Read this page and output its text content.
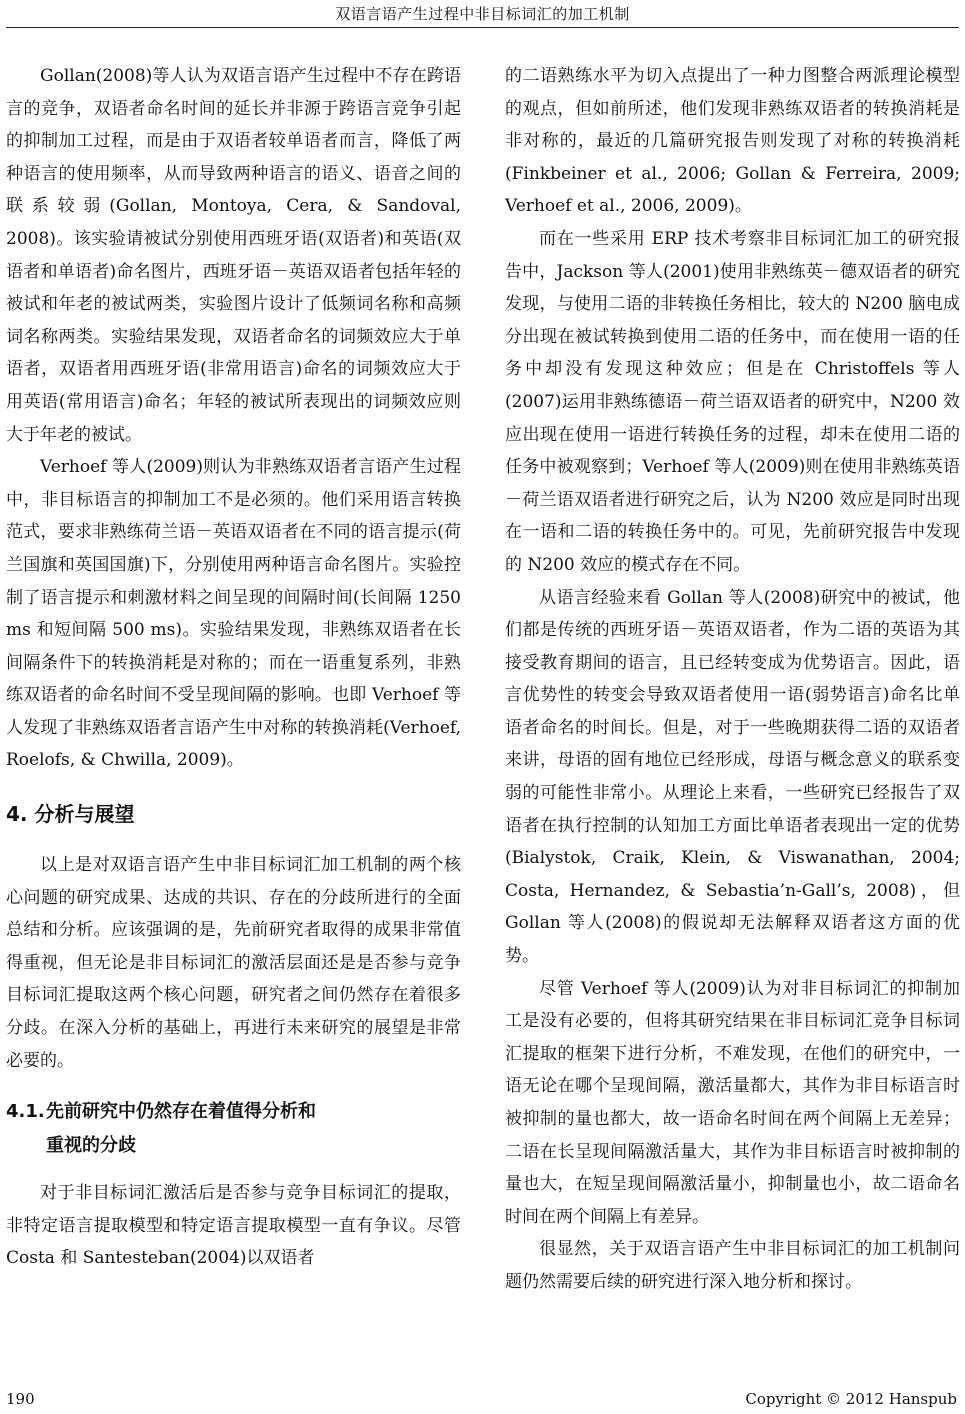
双语言语产生过程中非目标词汇的加工机制

Gollan(2008)等人认为双语言语产生过程中不存在跨语言的竞争，双语者命名时间的延长并非源于跨语言竞争引起的抑制加工过程，而是由于双语者较单语者而言，降低了两种语言的使用频率，从而导致两种语言的语义、语音之间的联系较弱(Gollan, Montoya, Cera, & Sandoval, 2008)。该实验请被试分别使用西班牙语(双语者)和英语(双语者和单语者)命名图片，西班牙语－英语双语者包括年轻的被试和年老的被试两类，实验图片设计了低频词名称和高频词名称两类。实验结果发现，双语者命名的词频效应大于单语者，双语者用西班牙语(非常用语言)命名的词频效应大于用英语(常用语言)命名；年轻的被试所表现出的词频效应则大于年老的被试。

Verhoef 等人(2009)则认为非熟练双语者言语产生过程中，非目标语言的抑制加工不是必须的。他们采用语言转换范式，要求非熟练荷兰语－英语双语者在不同的语言提示(荷兰国旗和英国国旗)下，分别使用两种语言命名图片。实验控制了语言提示和刺激材料之间呈现的间隔时间(长间隔 1250 ms 和短间隔 500 ms)。实验结果发现，非熟练双语者在长间隔条件下的转换消耗是对称的；而在一语重复系列，非熟练双语者的命名时间不受呈现间隔的影响。也即 Verhoef 等人发现了非熟练双语者言语产生中对称的转换消耗(Verhoef, Roelofs, & Chwilla, 2009)。

4. 分析与展望

以上是对双语言语产生中非目标词汇加工机制的两个核心问题的研究成果、达成的共识、存在的分歧所进行的全面总结和分析。应该强调的是，先前研究者取得的成果非常值得重视，但无论是非目标词汇的激活层面还是是否参与竞争目标词汇提取这两个核心问题，研究者之间仍然存在着很多分歧。在深入分析的基础上，再进行未来研究的展望是非常必要的。

4.1.先前研究中仍然存在着值得分析和
重视的分歧

对于非目标词汇激活后是否参与竞争目标词汇的提取，非特定语言提取模型和特定语言提取模型一直有争议。尽管 Costa 和 Santesteban(2004)以双语者

的二语熟练水平为切入点提出了一种力图整合两派理论模型的观点，但如前所述，他们发现非熟练双语者的转换消耗是非对称的，最近的几篇研究报告则发现了对称的转换消耗(Finkbeiner et al., 2006; Gollan & Ferreira, 2009; Verhoef et al., 2006, 2009)。

而在一些采用 ERP 技术考察非目标词汇加工的研究报告中，Jackson 等人(2001)使用非熟练英－德双语者的研究发现，与使用二语的非转换任务相比，较大的 N200 脑电成分出现在被试转换到使用二语的任务中，而在使用一语的任务中却没有发现这种效应；但是在 Christoffels 等人(2007)运用非熟练德语－荷兰语双语者的研究中，N200 效应出现在使用一语进行转换任务的过程，却未在使用二语的任务中被观察到；Verhoef 等人(2009)则在使用非熟练英语－荷兰语双语者进行研究之后，认为 N200 效应是同时出现在一语和二语的转换任务中的。可见，先前研究报告中发现的 N200 效应的模式存在不同。

从语言经验来看 Gollan 等人(2008)研究中的被试，他们都是传统的西班牙语－英语双语者，作为二语的英语为其接受教育期间的语言，且已经转变成为优势语言。因此，语言优势性的转变会导致双语者使用一语(弱势语言)命名比单语者命名的时间长。但是，对于一些晚期获得二语的双语者来讲，母语的固有地位已经形成，母语与概念意义的联系变弱的可能性非常小。从理论上来看，一些研究已经报告了双语者在执行控制的认知加工方面比单语者表现出一定的优势(Bialystok, Craik, Klein, & Viswanathan, 2004; Costa, Hernandez, & Sebastia’n-Gall’s, 2008)，但 Gollan 等人(2008)的假说却无法解释双语者这方面的优势。

尽管 Verhoef 等人(2009)认为对非目标词汇的抑制加工是没有必要的，但将其研究结果在非目标词汇竞争目标词汇提取的框架下进行分析，不难发现，在他们的研究中，一语无论在哪个呈现间隔，激活量都大，其作为非目标语言时被抑制的量也都大，故一语命名时间在两个间隔上无差异；二语在长呈现间隔激活量大，其作为非目标语言时被抑制的量也大，在短呈现间隔激活量小，抑制量也小，故二语命名时间在两个间隔上有差异。

很显然，关于双语言语产生中非目标词汇的加工机制问题仍然需要后续的研究进行深入地分析和探讨。

190	Copyright © 2012 Hanspub
